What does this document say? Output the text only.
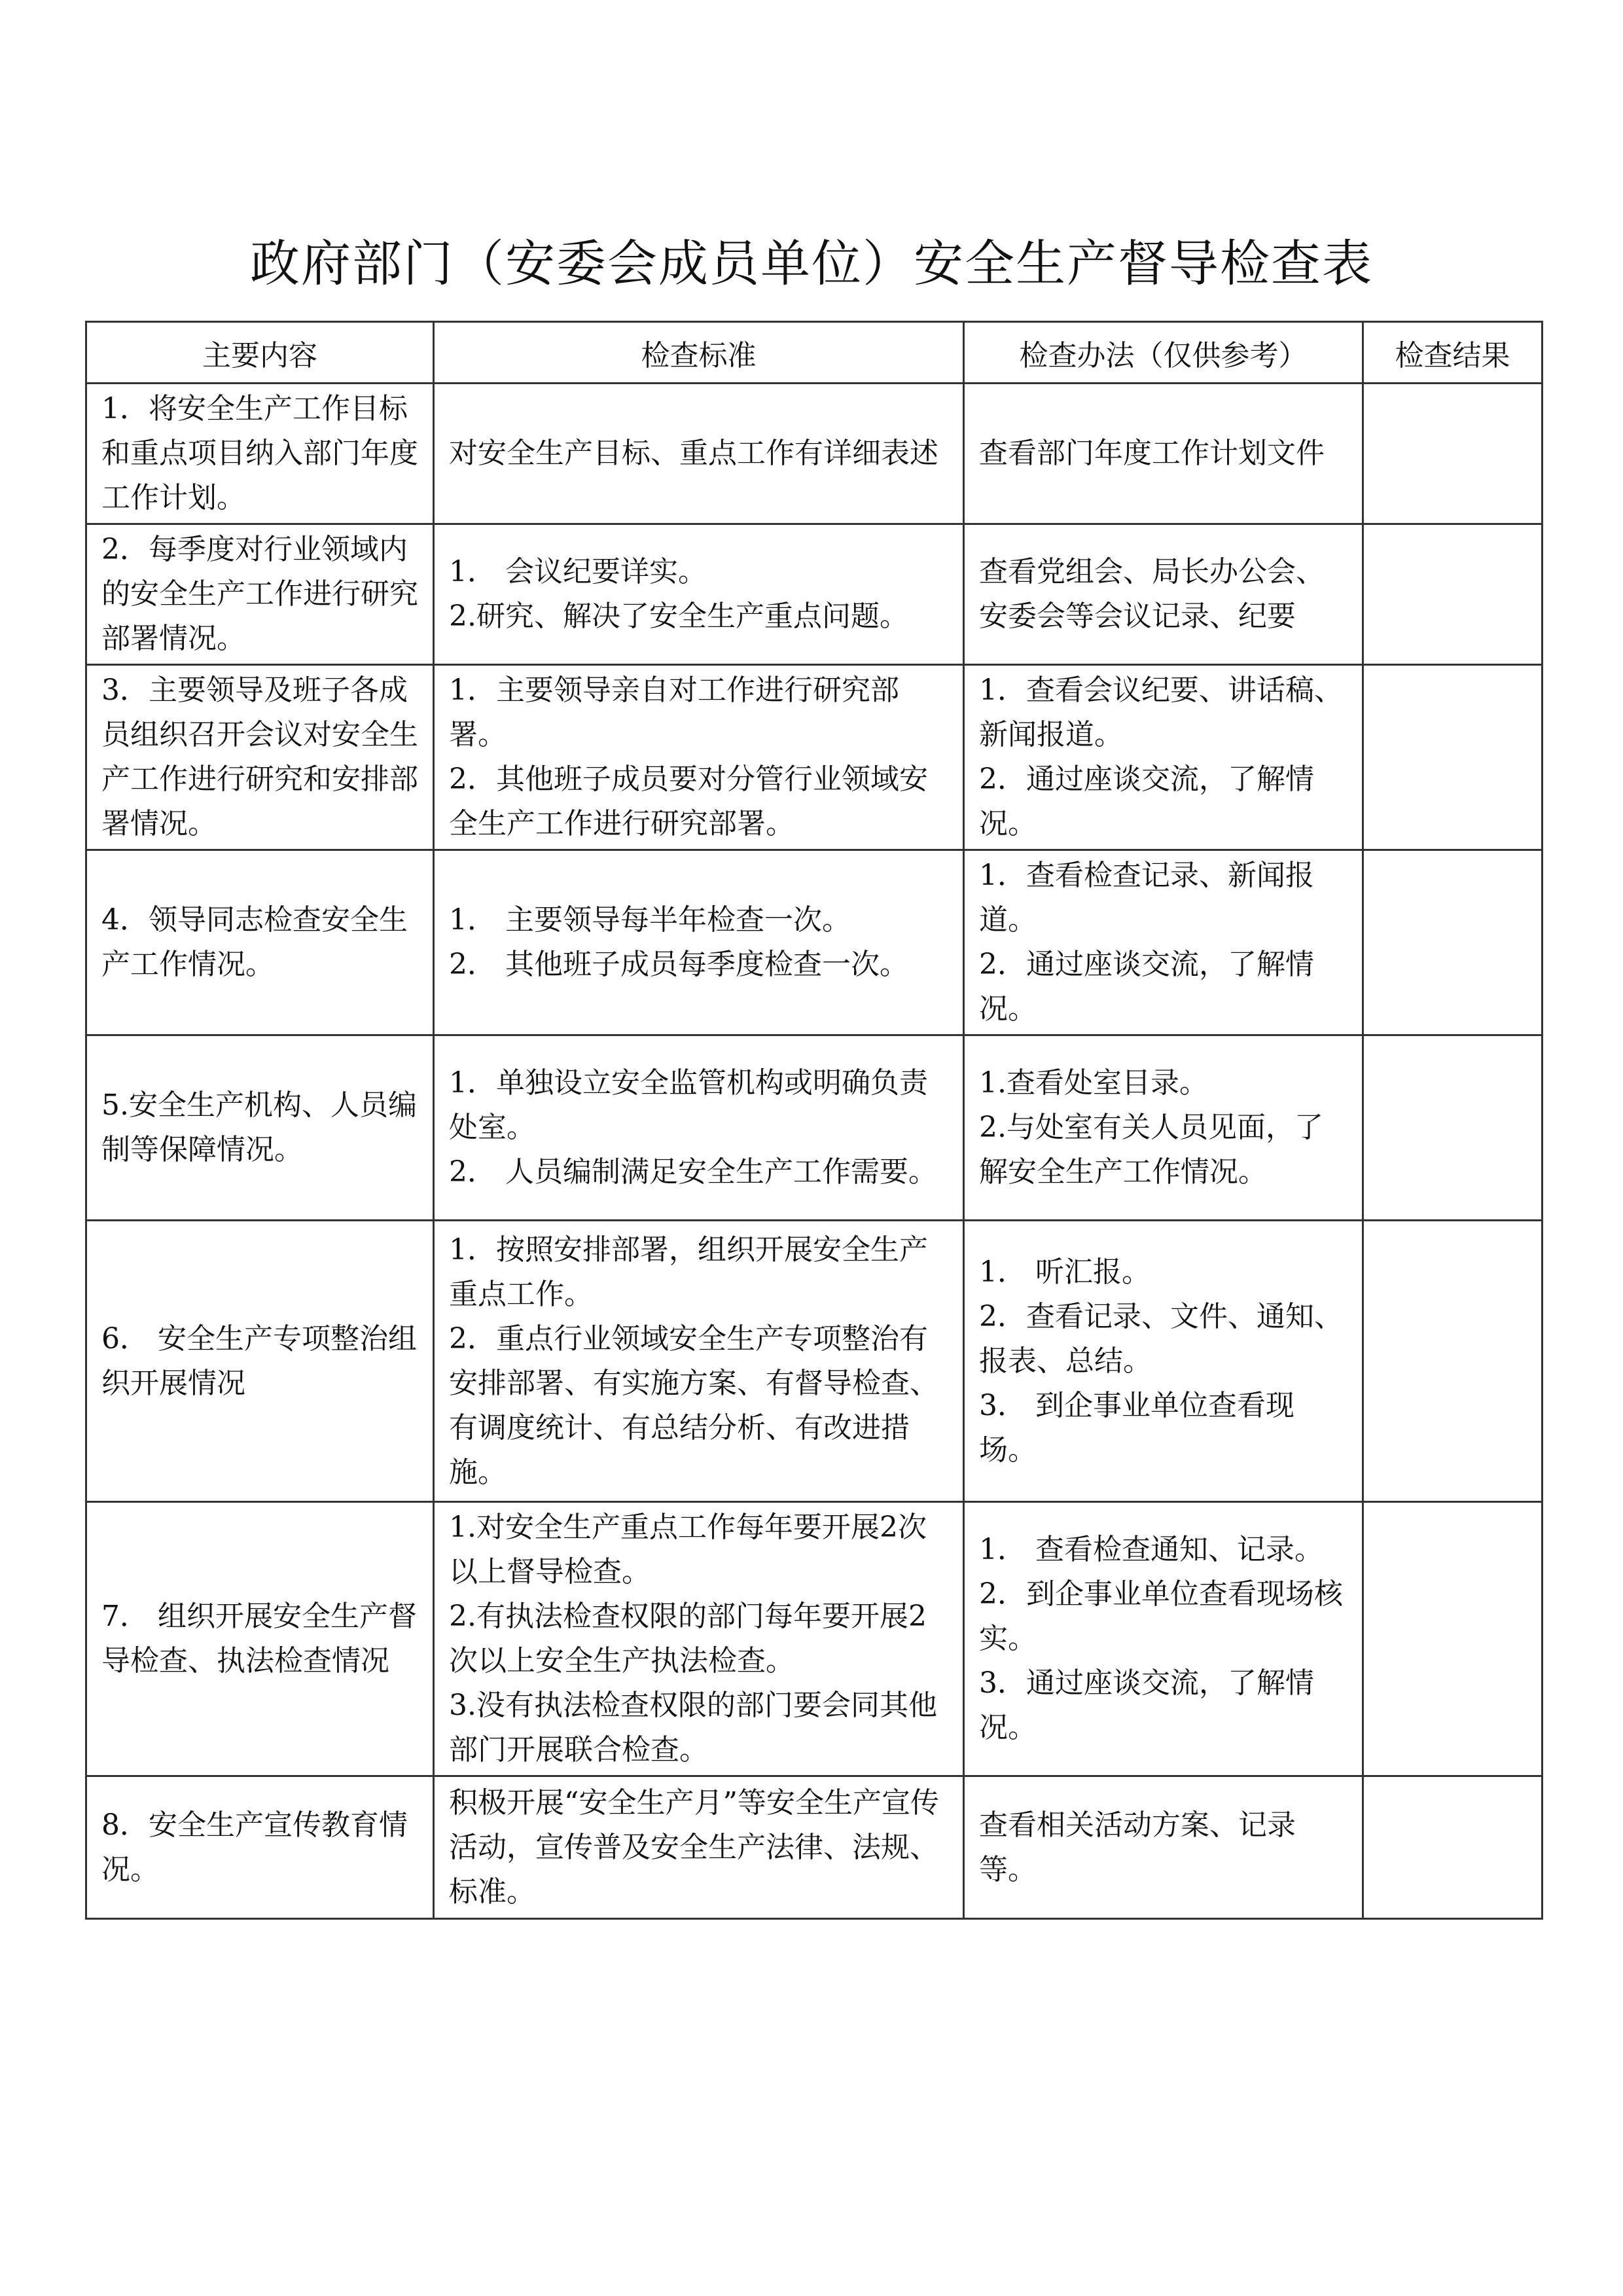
政府部门（安委会成员单位）安全生产督导检查表
主要内容	检查标准	检查办法（仅供参考）	检查结果
1．将安全生产工作目标和重点项目纳入部门年度工作计划。	对安全生产目标、重点工作有详细表述	查看部门年度工作计划文件	

2．每季度对行业领域内的安全生产工作进行研究部署情况。	1． 会议纪要详实。
2.研究、解决了安全生产重点问题。	查看党组会、局长办公会、安委会等会议记录、纪要	

3．主要领导及班子各成员组织召开会议对安全生产工作进行研究和安排部署情况。	1．主要领导亲自对工作进行研究部署。
2．其他班子成员要对分管行业领域安全生产工作进行研究部署。	1．查看会议纪要、讲话稿、新闻报道。
2．通过座谈交流，了解情况。	

4．领导同志检查安全生产工作情况。	1． 主要领导每半年检查一次。
2． 其他班子成员每季度检查一次。	1．查看检查记录、新闻报道。
2．通过座谈交流，了解情况。	

5.安全生产机构、人员编制等保障情况。	1．单独设立安全监管机构或明确负责处室。
2． 人员编制满足安全生产工作需要。	1.查看处室目录。
2.与处室有关人员见面，了解安全生产工作情况。	

6． 安全生产专项整治组织开展情况	1．按照安排部署，组织开展安全生产重点工作。
2．重点行业领域安全生产专项整治有安排部署、有实施方案、有督导检查、有调度统计、有总结分析、有改进措施。	1． 听汇报。
2．查看记录、文件、通知、报表、总结。
3． 到企事业单位查看现场。	

7． 组织开展安全生产督导检查、执法检查情况	1.对安全生产重点工作每年要开展2次以上督导检查。
2.有执法检查权限的部门每年要开展2次以上安全生产执法检查。
3.没有执法检查权限的部门要会同其他部门开展联合检查。	1． 查看检查通知、记录。
2．到企事业单位查看现场核实。
3．通过座谈交流，了解情况。	

8．安全生产宣传教育情况。	积极开展“安全生产月”等安全生产宣传活动，宣传普及安全生产法律、法规、标准。	查看相关活动方案、记录等。	
